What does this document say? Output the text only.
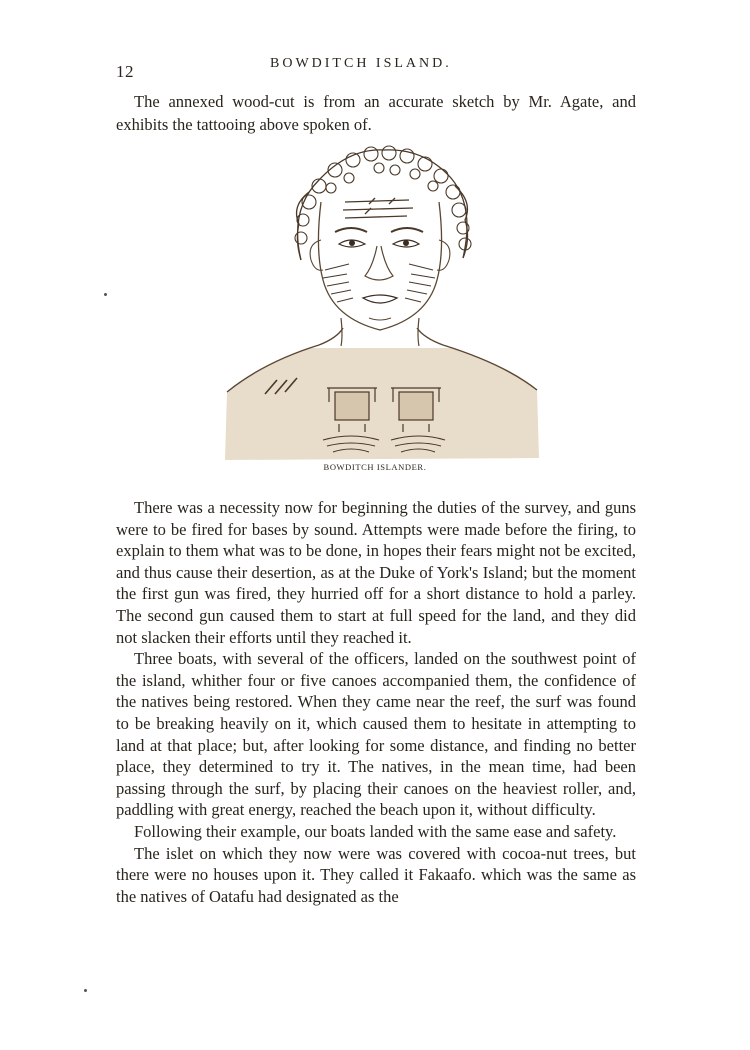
12	BOWDITCH ISLAND.

The annexed wood-cut is from an accurate sketch by Mr. Agate, and exhibits the tattooing above spoken of.

BOWDITCH ISLANDER.

There was a necessity now for beginning the duties of the survey, and guns were to be fired for bases by sound. Attempts were made before the firing, to explain to them what was to be done, in hopes their fears might not be excited, and thus cause their desertion, as at the Duke of York's Island; but the moment the first gun was fired, they hurried off for a short distance to hold a parley. The second gun caused them to start at full speed for the land, and they did not slacken their efforts until they reached it.

Three boats, with several of the officers, landed on the southwest point of the island, whither four or five canoes accompanied them, the confidence of the natives being restored. When they came near the reef, the surf was found to be breaking heavily on it, which caused them to hesitate in attempting to land at that place; but, after looking for some distance, and finding no better place, they determined to try it. The natives, in the mean time, had been passing through the surf, by placing their canoes on the heaviest roller, and, paddling with great energy, reached the beach upon it, without difficulty.

Following their example, our boats landed with the same ease and safety.

The islet on which they now were was covered with cocoa-nut trees, but there were no houses upon it. They called it Fakaafo. which was the same as the natives of Oatafu had designated as the
